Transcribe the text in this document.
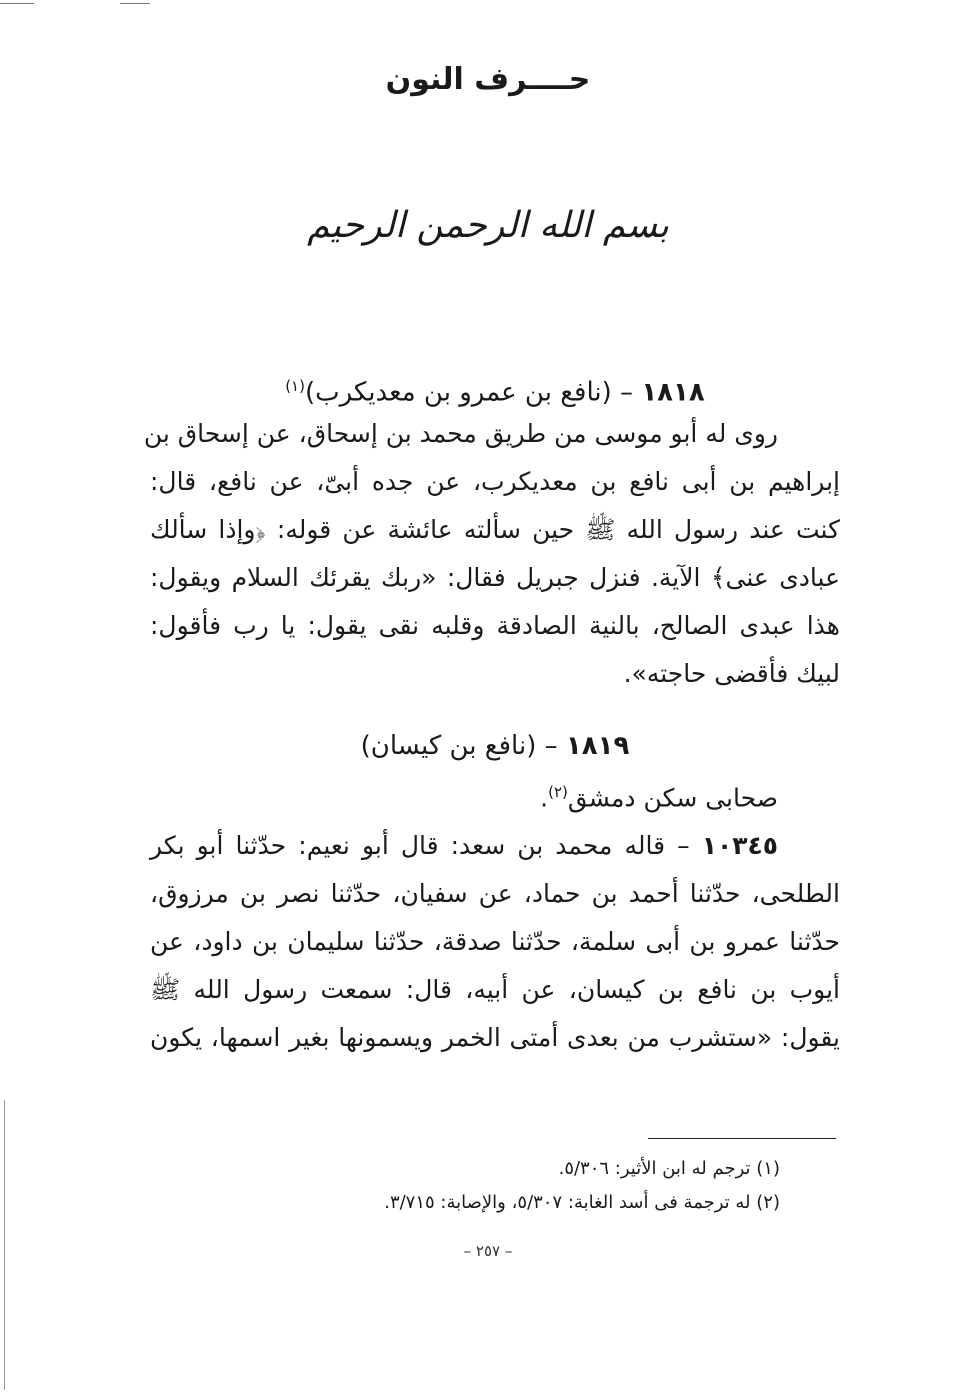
حــــرف النون
بسم الله الرحمن الرحيم
١٨١٨ – (نافع بن عمرو بن معديكرب)$^{(١)}$
روى له أبو موسى من طريق محمد بن إسحاق، عن إسحاق بن
إبراهيم بن أبى نافع بن معديكرب، عن جده أبىّ، عن نافع، قال:
كنت عند رسول الله ﷺ حين سألته عائشة عن قوله: ﴿وإذا سألك
عبادى عنى﴾ الآية. فنزل جبريل فقال: «ربك يقرئك السلام ويقول:
هذا عبدى الصالح، بالنية الصادقة وقلبه نقى يقول: يا رب فأقول:
لبيك فأقضى حاجته».
١٨١٩ – (نافع بن كيسان)
صحابى سكن دمشق$^{(٢)}$.
١٠٣٤٥ – قاله محمد بن سعد: قال أبو نعيم: حدّثنا أبو بكر
الطلحى، حدّثنا أحمد بن حماد، عن سفيان، حدّثنا نصر بن مرزوق،
حدّثنا عمرو بن أبى سلمة، حدّثنا صدقة، حدّثنا سليمان بن داود، عن
أيوب بن نافع بن كيسان، عن أبيه، قال: سمعت رسول الله ﷺ
يقول: «ستشرب من بعدى أمتى الخمر ويسمونها بغير اسمها، يكون
(١) ترجم له ابن الأثير: ٥/٣٠٦.
(٢) له ترجمة فى أسد الغابة: ٥/٣٠٧، والإصابة: ٣/٧١٥.
– ٢٥٧ –
